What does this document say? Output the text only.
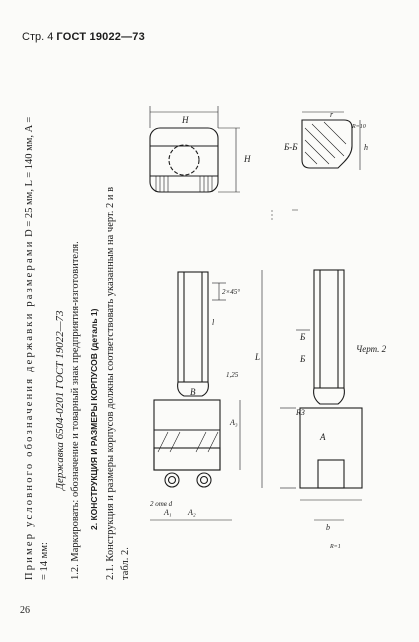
Стр. 4 ГОСТ 19022—73
26
Пример условного обозначения державки размерами D = 25 мм, L = 140 мм, A =
= 14 мм:
Державка 6504-0201 ГОСТ 19022—73 1.2. Маркировать: обозначение и товарный знак предприятия-изготовителя. 2. КОНСТРУКЦИЯ И РАЗМЕРЫ КОРПУСОВ (деталь 1) 2.1. Конструкция и размеры корпусов должны соответствовать указанным на черт. 2 и в табл. 2.
H
H
B
A₃
A₂
A₁
2 отв d
2×45°
l
L
R3
A
b
Б
Б
Б-Б
r
h
R=10
R=1
1,25
Черт. 2
